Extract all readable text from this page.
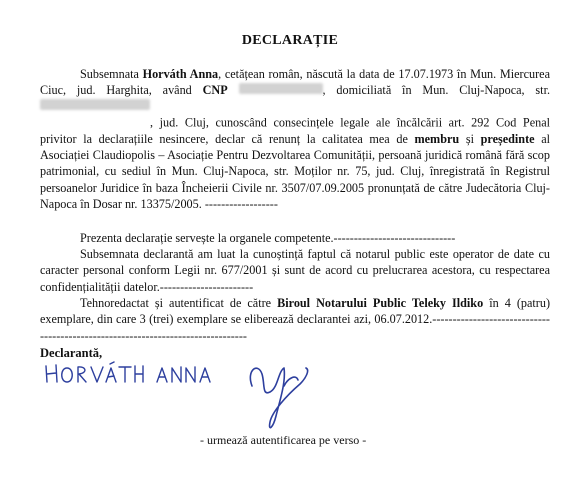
DECLARAȚIE
Subsemnata Horváth Anna, cetățean român, născută la data de 17.07.1973 în Mun. Miercurea Ciuc, jud. Harghita, având CNP	, domiciliată în Mun. Cluj-Napoca, str. , jud. Cluj, cunoscând consecințele legale ale încălcării art. 292 Cod Penal privitor la declarațiile nesincere, declar că renunț la calitatea mea de membru și președinte al Asociației Claudiopolis – Asociație Pentru Dezvoltarea Comunității, persoană juridică română fără scop patrimonial, cu sediul în Mun. Cluj-Napoca, str. Moților nr. 75, jud. Cluj, înregistrată în Registrul persoanelor Juridice în baza Încheierii Civile nr. 3507/07.09.2005 pronunțată de către Judecătoria Cluj-Napoca în Dosar nr. 13375/2005. ------------------
Prezenta declarație servește la organele competente.------------------------------
Subsemnata declarantă am luat la cunoștință faptul că notarul public este operator de date cu caracter personal conform Legii nr. 677/2001 și sunt de acord cu prelucrarea acestora, cu respectarea confidențialității datelor.-----------------------
Tehnoredactat și autentificat de către Biroul Notarului Public Teleky Ildiko în 4 (patru) exemplare, din care 3 (trei) exemplare se eliberează declarantei azi, 06.07.2012.--------------------------------------------------------------------------------
Declarantă,
- urmează autentificarea pe verso -
